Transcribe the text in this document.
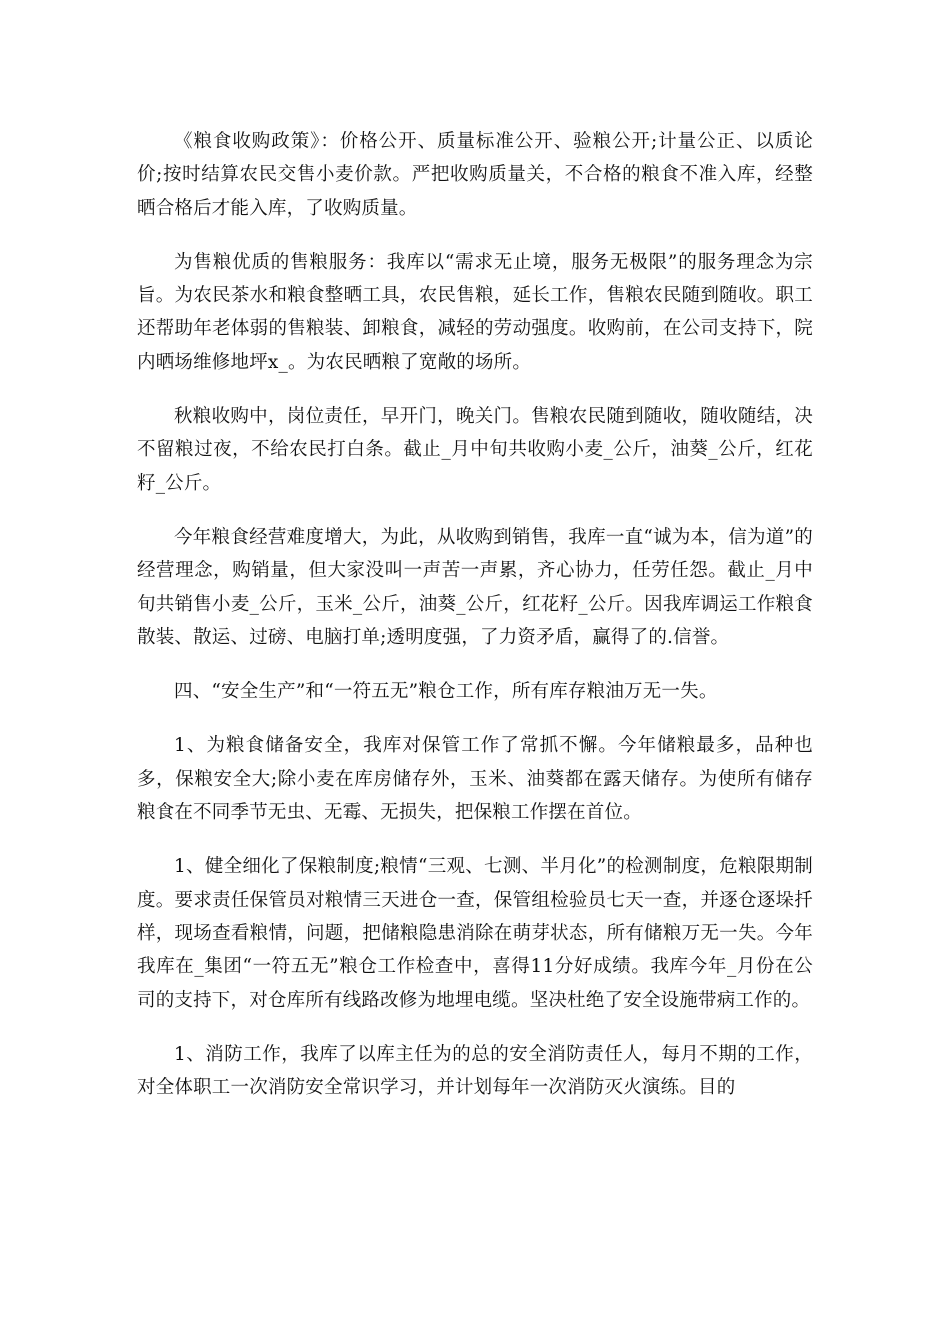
《粮食收购政策》：价格公开、质量标准公开、验粮公开;计量公正、以质论价;按时结算农民交售小麦价款。严把收购质量关，不合格的粮食不准入库，经整晒合格后才能入库，了收购质量。

为售粮优质的售粮服务：我库以“需求无止境，服务无极限”的服务理念为宗旨。为农民茶水和粮食整晒工具，农民售粮，延长工作，售粮农民随到随收。职工还帮助年老体弱的售粮装、卸粮食，减轻的劳动强度。收购前，在公司支持下，院内晒场维修地坪x_。为农民晒粮了宽敞的场所。

秋粮收购中，岗位责任，早开门，晚关门。售粮农民随到随收，随收随结，决不留粮过夜，不给农民打白条。截止_月中旬共收购小麦_公斤，油葵_公斤，红花籽_公斤。

今年粮食经营难度增大，为此，从收购到销售，我库一直“诚为本，信为道”的经营理念，购销量，但大家没叫一声苦一声累，齐心协力，任劳任怨。截止_月中旬共销售小麦_公斤，玉米_公斤，油葵_公斤，红花籽_公斤。因我库调运工作粮食散装、散运、过磅、电脑打单;透明度强，了力资矛盾，赢得了的.信誉。

四、“安全生产”和“一符五无”粮仓工作，所有库存粮油万无一失。

1、为粮食储备安全，我库对保管工作了常抓不懈。今年储粮最多，品种也多，保粮安全大;除小麦在库房储存外，玉米、油葵都在露天储存。为使所有储存粮食在不同季节无虫、无霉、无损失，把保粮工作摆在首位。

1、健全细化了保粮制度;粮情“三观、七测、半月化”的检测制度，危粮限期制度。要求责任保管员对粮情三天进仓一查，保管组检验员七天一查，并逐仓逐垛扦样，现场查看粮情，问题，把储粮隐患消除在萌芽状态，所有储粮万无一失。今年我库在_集团“一符五无”粮仓工作检查中，喜得11分好成绩。我库今年_月份在公司的支持下，对仓库所有线路改修为地埋电缆。坚决杜绝了安全设施带病工作的。

1、消防工作，我库了以库主任为的总的安全消防责任人，每月不期的工作，对全体职工一次消防安全常识学习，并计划每年一次消防灭火演练。目的
